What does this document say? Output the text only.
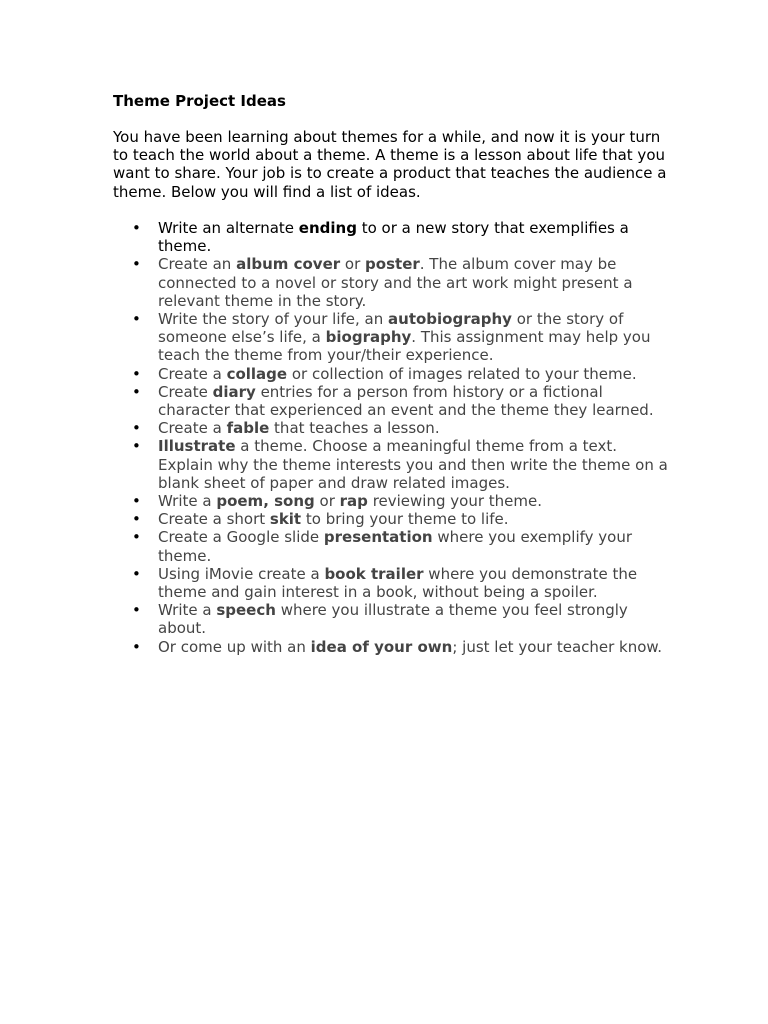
Theme Project Ideas

You have been learning about themes for a while, and now it is your turn to teach the world about a theme. A theme is a lesson about life that you want to share. Your job is to create a product that teaches the audience a theme. Below you will find a list of ideas.

• Write an alternate ending to or a new story that exemplifies a theme.
• Create an album cover or poster. The album cover may be connected to a novel or story and the art work might present a relevant theme in the story.
• Write the story of your life, an autobiography or the story of someone else’s life, a biography. This assignment may help you teach the theme from your/their experience.
• Create a collage or collection of images related to your theme.
• Create diary entries for a person from history or a fictional character that experienced an event and the theme they learned.
• Create a fable that teaches a lesson.
• Illustrate a theme. Choose a meaningful theme from a text. Explain why the theme interests you and then write the theme on a blank sheet of paper and draw related images.
• Write a poem, song or rap reviewing your theme.
• Create a short skit to bring your theme to life.
• Create a Google slide presentation where you exemplify your theme.
• Using iMovie create a book trailer where you demonstrate the theme and gain interest in a book, without being a spoiler.
• Write a speech where you illustrate a theme you feel strongly about.
• Or come up with an idea of your own; just let your teacher know.
